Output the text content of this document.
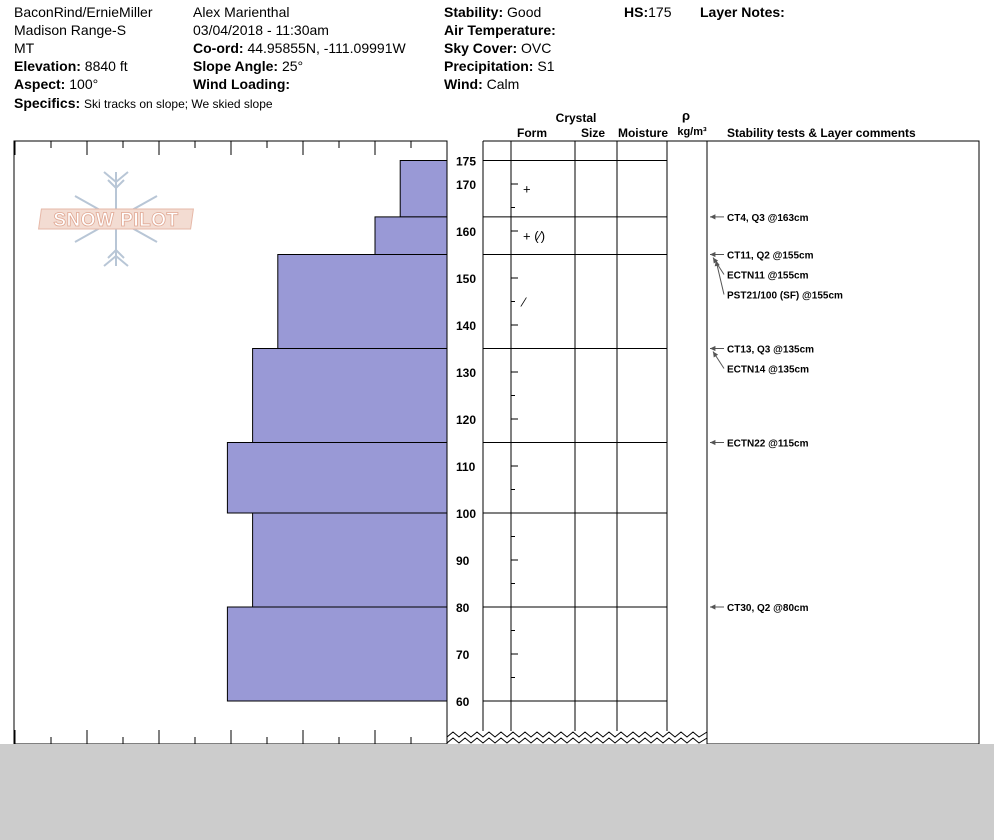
BaconRind/ErnieMiller
Madison Range-S
MT
Elevation: 8840 ft
Aspect: 100°
Specifics: Ski tracks on slope; We skied slope
Alex Marienthal
03/04/2018 - 11:30am
Co-ord: 44.95855N, -111.09991W
Slope Angle: 25°
Wind Loading:
Stability: Good
Air Temperature:
Sky Cover: OVC
Precipitation: S1
Wind: Calm
HS:175 Layer Notes:
SNOW PILOT
60
70
80
90
100
110
120
130
140
150
160
170
175
+
+ (⁄)
⁄
Crystal
Form	Size Moisture
ρ
kg/m³ Stability tests & Layer comments
CT30, Q2 @80cm
ECTN22 @115cm
CT13, Q3 @135cm
ECTN14 @135cm
CT11, Q2 @155cm
ECTN11 @155cm
PST21/100 (SF) @155cm
CT4, Q3 @163cm
